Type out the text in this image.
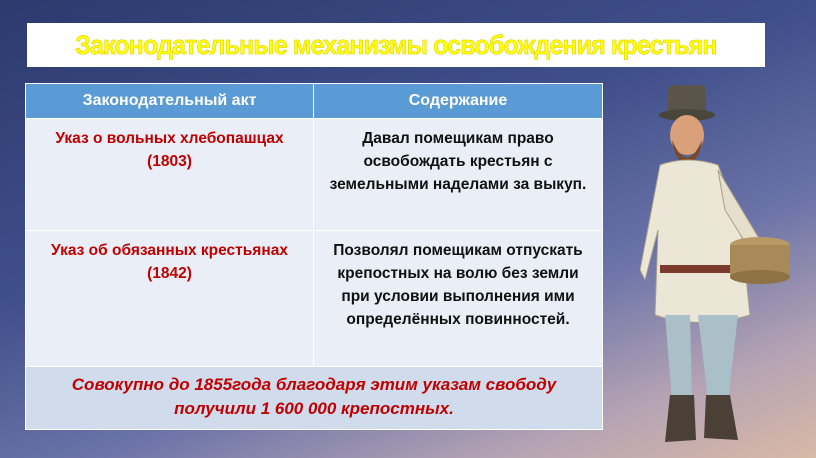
Законодательные механизмы освобождения крестьян
Законодательный акт	Содержание
Указ о вольных хлебопашцах (1803)	Давал помещикам право освобождать крестьян с земельными наделами за выкуп.
Указ об обязанных крестьянах (1842)	Позволял помещикам отпускать крепостных на волю без земли при условии выполнения ими определённых повинностей.
Совокупно до 1855года благодаря этим указам свободу получили 1 600 000 крепостных.	
